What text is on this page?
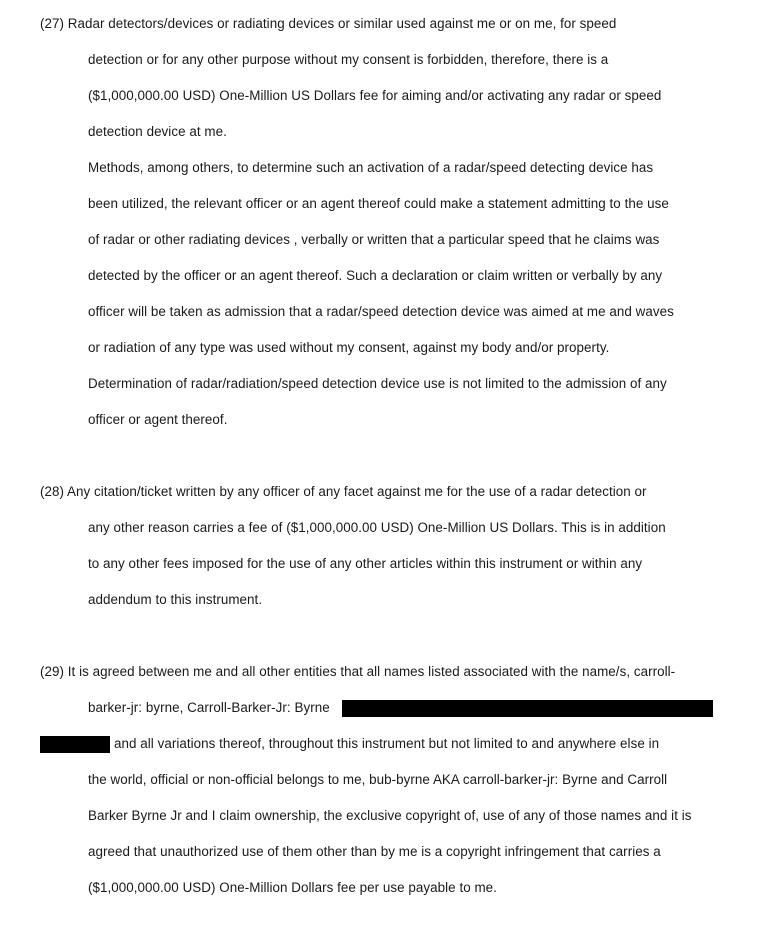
(27) Radar detectors/devices or radiating devices or similar used against me or on me, for speed
detection or for any other purpose without my consent is forbidden, therefore, there is a
($1,000,000.00 USD) One-Million US Dollars fee for aiming and/or activating any radar or speed
detection device at me.
Methods, among others, to determine such an activation of a radar/speed detecting device has
been utilized, the relevant officer or an agent thereof could make a statement admitting to the use
of radar or other radiating devices , verbally or written that a particular speed that he claims was
detected by the officer or an agent thereof. Such a declaration or claim written or verbally by any
officer will be taken as admission that a radar/speed detection device was aimed at me and waves
or radiation of any type was used without my consent, against my body and/or property.
Determination of radar/radiation/speed detection device use is not limited to the admission of any
officer or agent thereof.
(28) Any citation/ticket written by any officer of any facet against me for the use of a radar detection or
any other reason carries a fee of ($1,000,000.00 USD) One-Million US Dollars. This is in addition
to any other fees imposed for the use of any other articles within this instrument or within any
addendum to this instrument.
(29) It is agreed between me and all other entities that all names listed associated with the name/s, carroll-
barker-jr: byrne, Carroll-Barker-Jr: Byrne
and all variations thereof, throughout this instrument but not limited to and anywhere else in
the world, official or non-official belongs to me, bub-byrne AKA carroll-barker-jr: Byrne and Carroll
Barker Byrne Jr and I claim ownership, the exclusive copyright of, use of any of those names and it is
agreed that unauthorized use of them other than by me is a copyright infringement that carries a
($1,000,000.00 USD) One-Million Dollars fee per use payable to me.
